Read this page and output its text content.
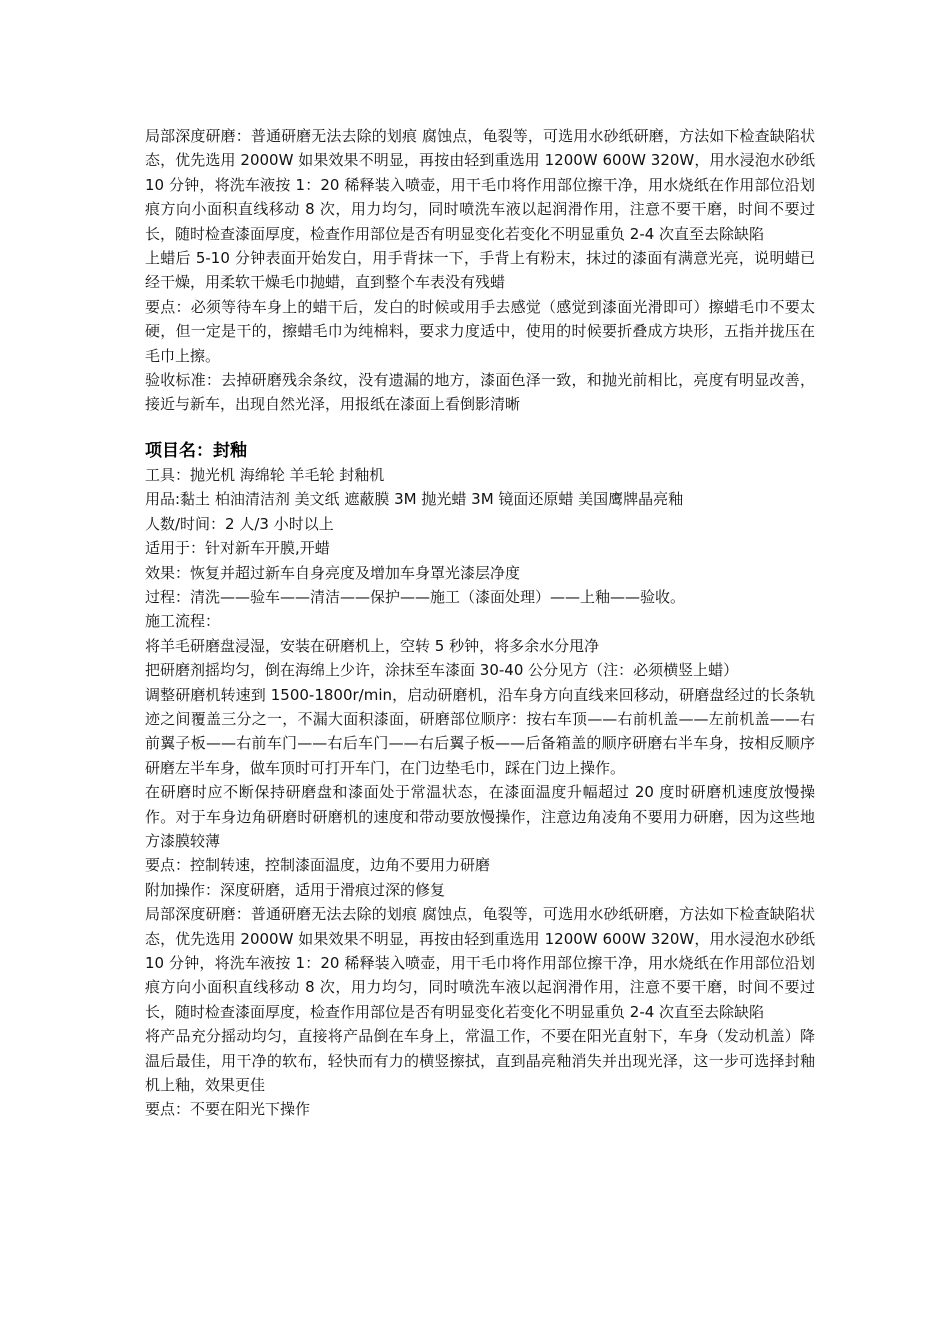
局部深度研磨：普通研磨无法去除的划痕 腐蚀点，龟裂等，可选用水砂纸研磨，方法如下检查缺陷状态，优先选用 2000W 如果效果不明显，再按由轻到重选用 1200W 600W 320W，用水浸泡水砂纸 10 分钟，将洗车液按 1：20 稀释装入喷壶，用干毛巾将作用部位擦干净，用水烧纸在作用部位沿划痕方向小面积直线移动 8 次，用力均匀，同时喷洗车液以起润滑作用，注意不要干磨，时间不要过长，随时检查漆面厚度，检查作用部位是否有明显变化若变化不明显重负 2-4 次直至去除缺陷

上蜡后 5-10 分钟表面开始发白，用手背抹一下，手背上有粉末，抹过的漆面有满意光亮，说明蜡已经干燥，用柔软干燥毛巾抛蜡，直到整个车表没有残蜡

要点：必须等待车身上的蜡干后，发白的时候或用手去感觉（感觉到漆面光滑即可）擦蜡毛巾不要太硬，但一定是干的，擦蜡毛巾为纯棉料，要求力度适中，使用的时候要折叠成方块形，五指并拢压在毛巾上擦。

验收标准：去掉研磨残余条纹，没有遗漏的地方，漆面色泽一致，和抛光前相比，亮度有明显改善，接近与新车，出现自然光泽，用报纸在漆面上看倒影清晰

项目名：封釉

工具：抛光机 海绵轮 羊毛轮 封釉机

用品:黏土 柏油清洁剂 美文纸 遮蔽膜 3M 抛光蜡 3M 镜面还原蜡 美国鹰牌晶亮釉

人数/时间：2 人/3 小时以上

适用于：针对新车开膜,开蜡

效果：恢复并超过新车自身亮度及增加车身罩光漆层净度

过程：清洗——验车——清洁——保护——施工（漆面处理）——上釉——验收。

施工流程：

将羊毛研磨盘浸湿，安装在研磨机上，空转 5 秒钟，将多余水分甩净

把研磨剂摇均匀，倒在海绵上少许，涂抹至车漆面 30-40 公分见方（注：必须横竖上蜡）

调整研磨机转速到 1500-1800r/min，启动研磨机，沿车身方向直线来回移动，研磨盘经过的长条轨迹之间覆盖三分之一，不漏大面积漆面，研磨部位顺序：按右车顶——右前机盖——左前机盖——右前翼子板——右前车门——右后车门——右后翼子板——后备箱盖的顺序研磨右半车身，按相反顺序研磨左半车身，做车顶时可打开车门，在门边垫毛巾，踩在门边上操作。

在研磨时应不断保持研磨盘和漆面处于常温状态，在漆面温度升幅超过 20 度时研磨机速度放慢操作。对于车身边角研磨时研磨机的速度和带动要放慢操作，注意边角凌角不要用力研磨，因为这些地方漆膜较薄

要点：控制转速，控制漆面温度，边角不要用力研磨

附加操作：深度研磨，适用于滑痕过深的修复

局部深度研磨：普通研磨无法去除的划痕 腐蚀点，龟裂等，可选用水砂纸研磨，方法如下检查缺陷状态，优先选用 2000W 如果效果不明显，再按由轻到重选用 1200W 600W 320W，用水浸泡水砂纸 10 分钟，将洗车液按 1：20 稀释装入喷壶，用干毛巾将作用部位擦干净，用水烧纸在作用部位沿划痕方向小面积直线移动 8 次，用力均匀，同时喷洗车液以起润滑作用，注意不要干磨，时间不要过长，随时检查漆面厚度，检查作用部位是否有明显变化若变化不明显重负 2-4 次直至去除缺陷

将产品充分摇动均匀，直接将产品倒在车身上，常温工作，不要在阳光直射下，车身（发动机盖）降温后最佳，用干净的软布，轻快而有力的横竖擦拭，直到晶亮釉消失并出现光泽，这一步可选择封釉机上釉，效果更佳

要点：不要在阳光下操作
